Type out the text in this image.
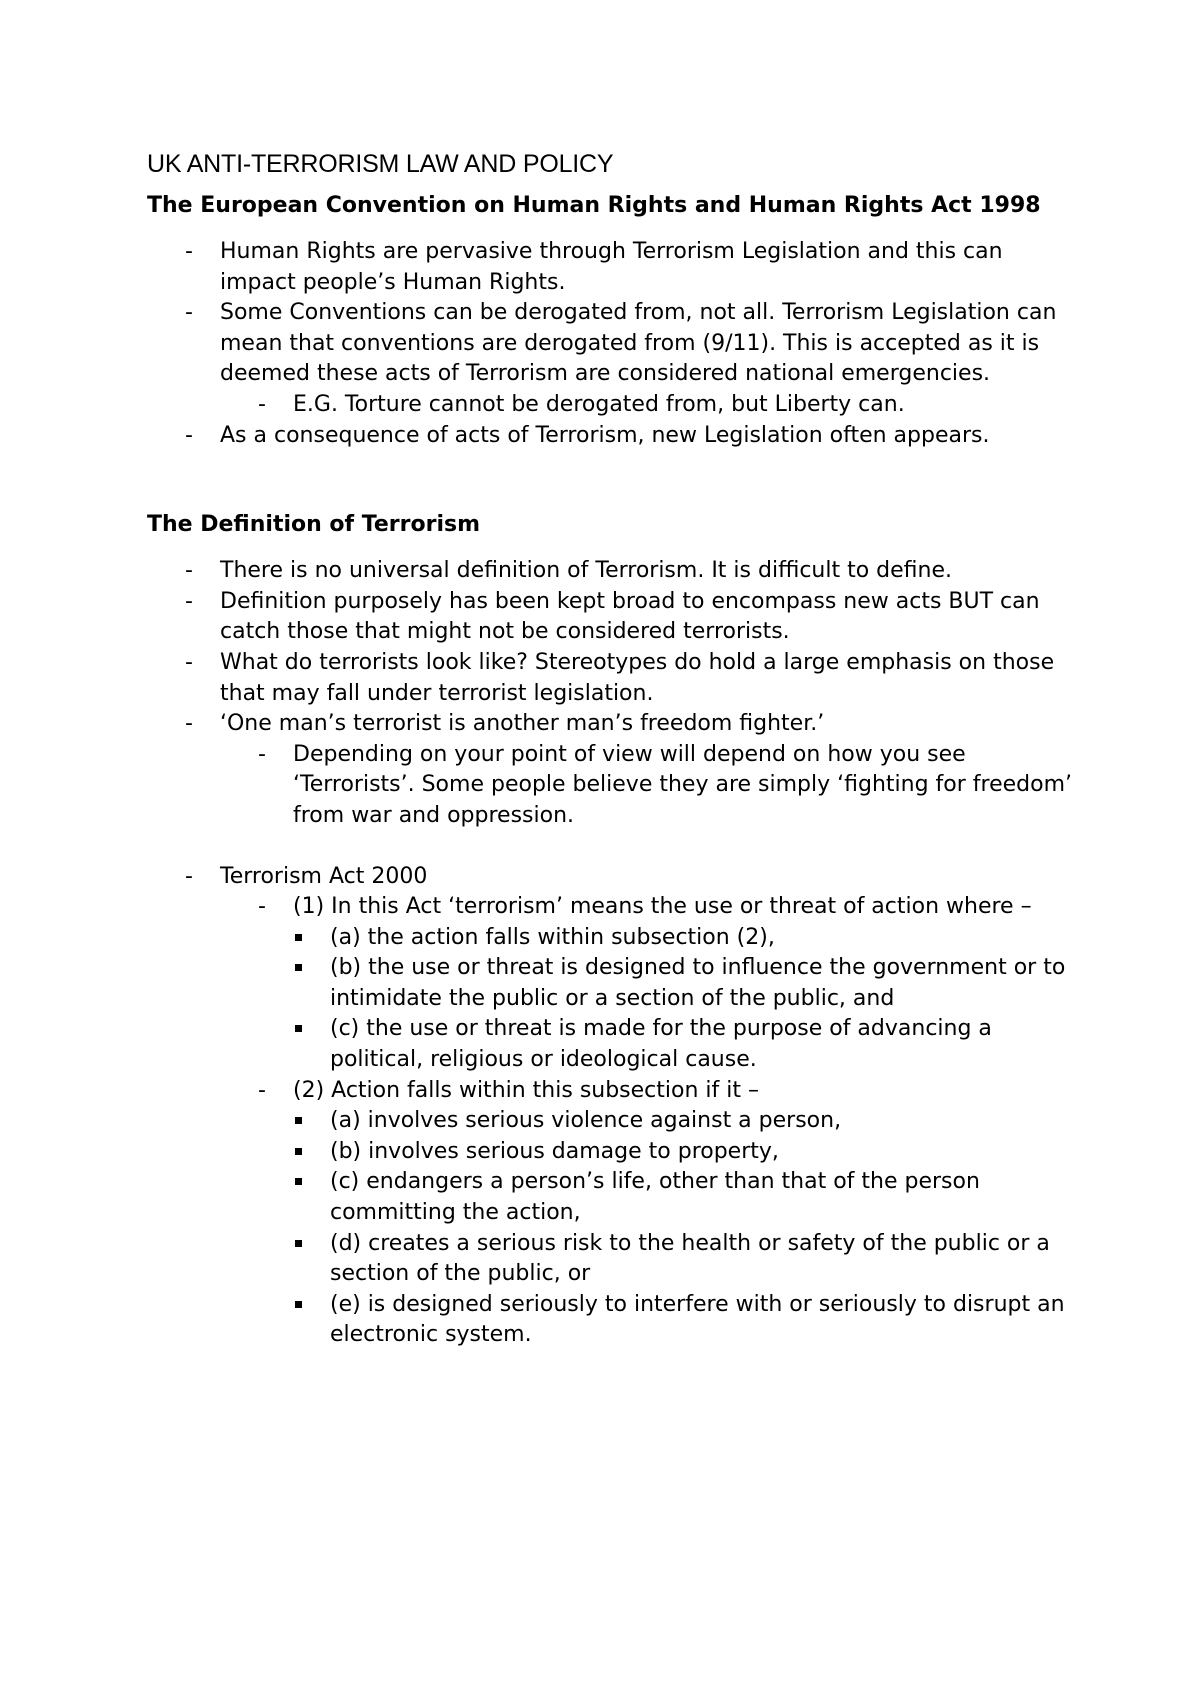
UK ANTI-TERRORISM LAW AND POLICY
The European Convention on Human Rights and Human Rights Act 1998
-	Human Rights are pervasive through Terrorism Legislation and this can impact people’s Human Rights.
-	Some Conventions can be derogated from, not all. Terrorism Legislation can mean that conventions are derogated from (9/11). This is accepted as it is deemed these acts of Terrorism are considered national emergencies.
-	E.G. Torture cannot be derogated from, but Liberty can.
-	As a consequence of acts of Terrorism, new Legislation often appears.
The Definition of Terrorism
-	There is no universal definition of Terrorism. It is difficult to define.
-	Definition purposely has been kept broad to encompass new acts BUT can catch those that might not be considered terrorists.
-	What do terrorists look like? Stereotypes do hold a large emphasis on those that may fall under terrorist legislation.
-	‘One man’s terrorist is another man’s freedom fighter.’
-	Depending on your point of view will depend on how you see ‘Terrorists’. Some people believe they are simply ‘fighting for freedom’ from war and oppression.
-	Terrorism Act 2000
-	(1) In this Act ‘terrorism’ means the use or threat of action where –
(a) the action falls within subsection (2),
(b) the use or threat is designed to influence the government or to intimidate the public or a section of the public, and
(c) the use or threat is made for the purpose of advancing a political, religious or ideological cause.
-	(2) Action falls within this subsection if it –
(a) involves serious violence against a person,
(b) involves serious damage to property,
(c) endangers a person’s life, other than that of the person committing the action,
(d) creates a serious risk to the health or safety of the public or a section of the public, or
(e) is designed seriously to interfere with or seriously to disrupt an electronic system.
